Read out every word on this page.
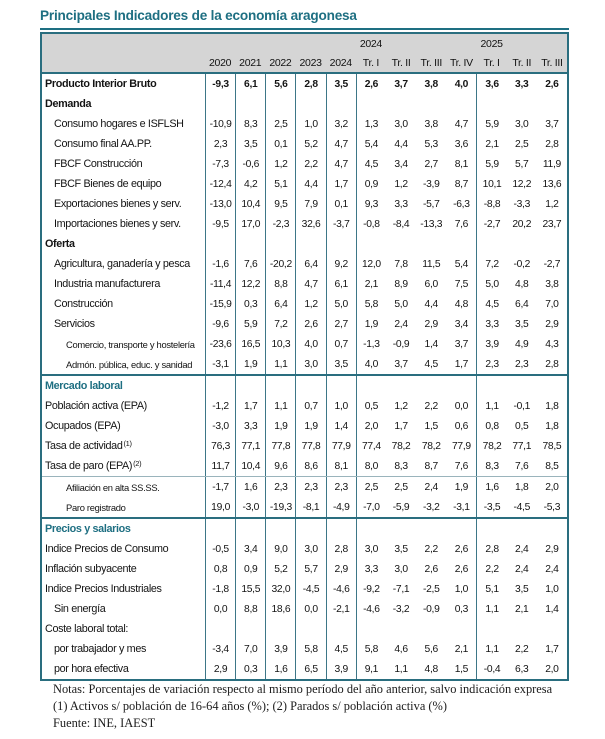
Principales Indicadores de la economía aragonesa
2024	2025
2020 2021 2022 2023 2024	Tr. I	Tr. II Tr. III Tr. IV	Tr. I	Tr. II Tr. III
Producto Interior Bruto	-9,3	6,1	5,6	2,8	3,5	2,6	3,7	3,8	4,0	3,6	3,3	2,6
Demanda
Consumo hogares e ISFLSH	-10,9	8,3	2,5	1,0	3,2	1,3	3,0	3,8	4,7	5,9	3,0	3,7
Consumo final AA.PP.	2,3	3,5	0,1	5,2	4,7	5,4	4,4	5,3	3,6	2,1	2,5	2,8
FBCF Construcción	-7,3	-0,6	1,2	2,2	4,7	4,5	3,4	2,7	8,1	5,9	5,7	11,9
FBCF Bienes de equipo	-12,4	4,2	5,1	4,4	1,7	0,9	1,2	-3,9	8,7	10,1	12,2	13,6
Exportaciones bienes y serv.	-13,0 10,4	9,5	7,9	0,1	9,3	3,3	-5,7	-6,3	-8,8	-3,3	1,2
Importaciones bienes y serv.	-9,5	17,0	-2,3	32,6	-3,7	-0,8	-8,4	-13,3	7,6	-2,7	20,2	23,7
Oferta
Agricultura, ganadería y pesca	-1,6	7,6	-20,2	6,4	9,2	12,0	7,8	11,5	5,4	7,2	-0,2	-2,7
Industria manufacturera	-11,4 12,2	8,8	4,7	6,1	2,1	8,9	6,0	7,5	5,0	4,8	3,8
Construcción	-15,9	0,3	6,4	1,2	5,0	5,8	5,0	4,4	4,8	4,5	6,4	7,0
Servicios	-9,6	5,9	7,2	2,6	2,7	1,9	2,4	2,9	3,4	3,3	3,5	2,9
Comercio, transporte y hostelería	-23,6 16,5	10,3	4,0	0,7	-1,3	-0,9	1,4	3,7	3,9	4,9	4,3
Admón. pública, educ. y sanidad	-3,1	1,9	1,1	3,0	3,5	4,0	3,7	4,5	1,7	2,3	2,3	2,8
Mercado laboral
Población activa (EPA)	-1,2	1,7	1,1	0,7	1,0	0,5	1,2	2,2	0,0	1,1	-0,1	1,8
Ocupados (EPA)	-3,0	3,3	1,9	1,9	1,4	2,0	1,7	1,5	0,6	0,8	0,5	1,8
Tasa de actividad$^{(1)}$	76,3	77,1	77,8	77,8	77,9	77,4	78,2	78,2	77,9	78,2	77,1	78,5
Tasa de paro (EPA)$^{(2)}$	11,7	10,4	9,6	8,6	8,1	8,0	8,3	8,7	7,6	8,3	7,6	8,5
Afiliación en alta SS.SS.	-1,7	1,6	2,3	2,3	2,3	2,5	2,5	2,4	1,9	1,6	1,8	2,0
Paro registrado	19,0	-3,0	-19,3	-8,1	-4,9	-7,0	-5,9	-3,2	-3,1	-3,5	-4,5	-5,3
Precios y salarios
Indice Precios de Consumo	-0,5	3,4	9,0	3,0	2,8	3,0	3,5	2,2	2,6	2,8	2,4	2,9
Inflación subyacente	0,8	0,9	5,2	5,7	2,9	3,3	3,0	2,6	2,6	2,2	2,4	2,4
Indice Precios Industriales	-1,8	15,5	32,0	-4,5	-4,6	-9,2	-7,1	-2,5	1,0	5,1	3,5	1,0
Sin energía	0,0	8,8	18,6	0,0	-2,1	-4,6	-3,2	-0,9	0,3	1,1	2,1	1,4
Coste laboral total:
por trabajador y mes	-3,4	7,0	3,9	5,8	4,5	5,8	4,6	5,6	2,1	1,1	2,2	1,7
por hora efectiva	2,9	0,3	1,6	6,5	3,9	9,1	1,1	4,8	1,5	-0,4	6,3	2,0
Notas: Porcentajes de variación respecto al mismo período del año anterior, salvo indicación expresa
(1) Activos s/ población de 16-64 años (%); (2) Parados s/ población activa (%)
Fuente: INE, IAEST
